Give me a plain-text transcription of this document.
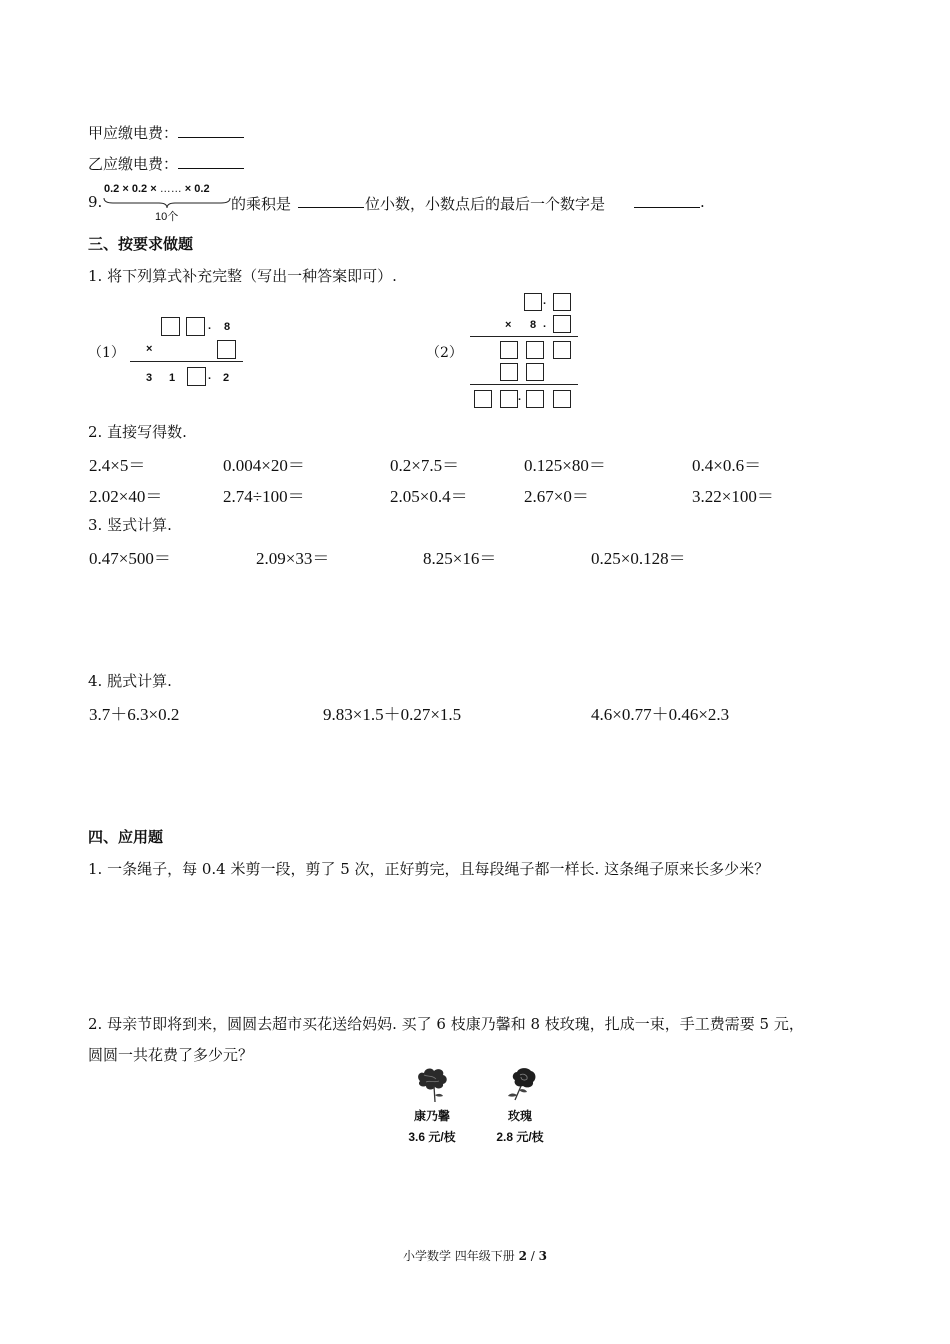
甲应缴电费：
乙应缴电费：
9.
0.2 × 0.2 × …… × 0.2
10个
的乘积是	位小数，小数点后的最后一个数字是	.
三、按要求做题
1. 将下列算式补充完整（写出一种答案即可）.
（1）
. 8
×
3 1	. 2
（2）
.
× 8 .
.
2. 直接写得数.
2.4×5＝	0.004×20＝	0.2×7.5＝	0.125×80＝	0.4×0.6＝
2.02×40＝	2.74÷100＝	2.05×0.4＝	2.67×0＝	3.22×100＝
3. 竖式计算.
0.47×500＝	2.09×33＝	8.25×16＝	0.25×0.128＝
4. 脱式计算.
3.7＋6.3×0.2	9.83×1.5＋0.27×1.5	4.6×0.77＋0.46×2.3
四、应用题
1. 一条绳子，每 0.4 米剪一段，剪了 5 次，正好剪完，且每段绳子都一样长. 这条绳子原来长多少米？
2. 母亲节即将到来，圆圆去超市买花送给妈妈. 买了 6 枝康乃馨和 8 枝玫瑰，扎成一束，手工费需要 5 元，
圆圆一共花费了多少元？
康乃馨
3.6 元/枝
玫瑰
2.8 元/枝
小学数学 四年级下册 2 / 3
